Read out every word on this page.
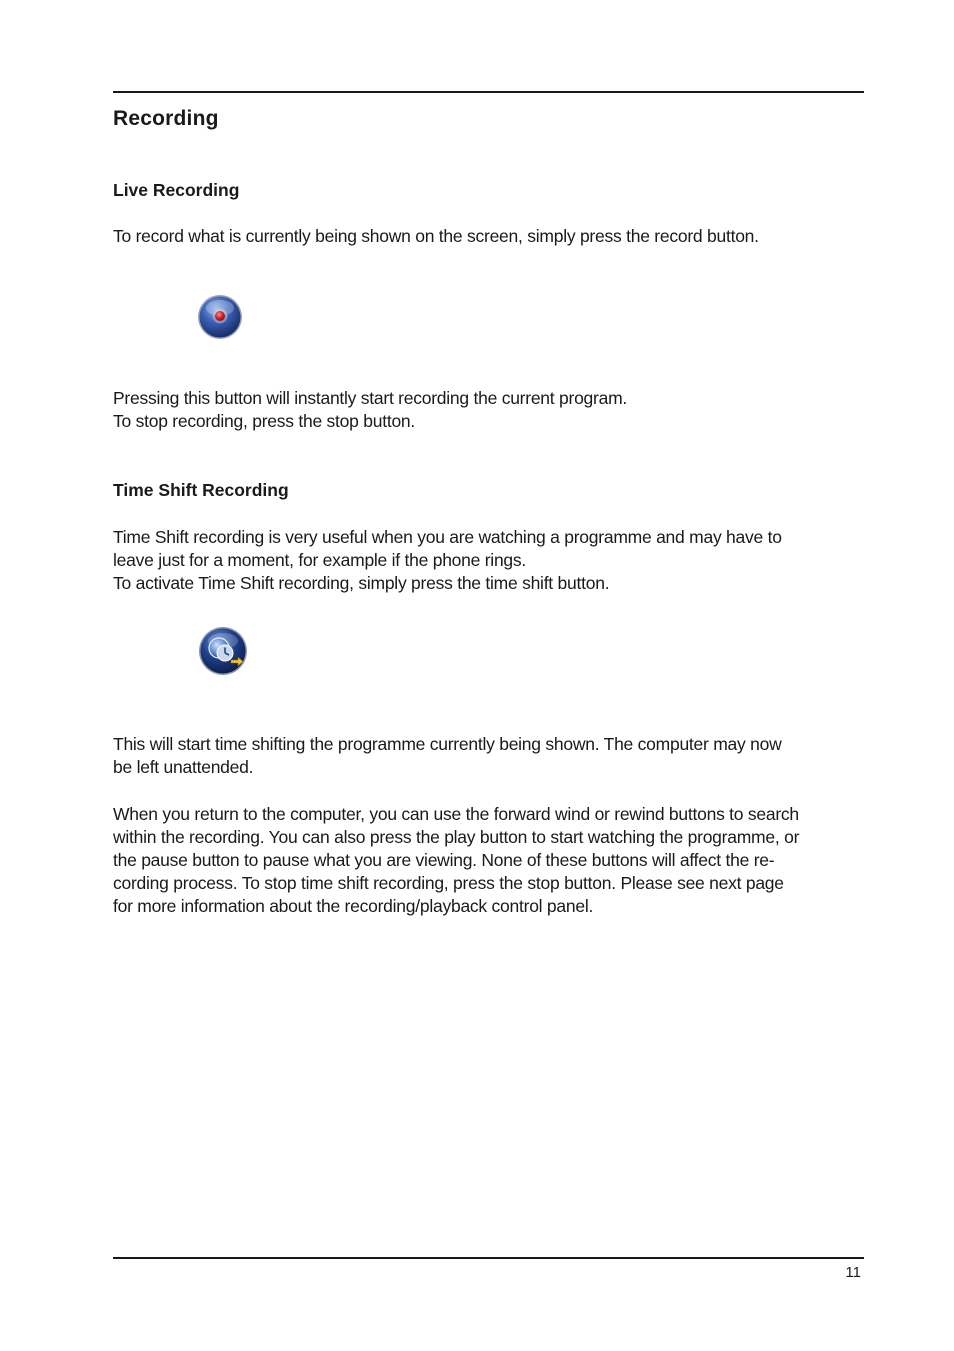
Recording
Live Recording

To record what is currently being shown on the screen, simply press the record button.

Pressing this button will instantly start recording the current program.
To stop recording, press the stop button.

Time Shift Recording

Time Shift recording is very useful when you are watching a programme and may have to
leave just for a moment, for example if the phone rings.
To activate Time Shift recording, simply press the time shift button.

This will start time shifting the programme currently being shown. The computer may now
be left unattended.

When you return to the computer, you can use the forward wind or rewind buttons to search
within the recording. You can also press the play button to start watching the programme, or
the pause button to pause what you are viewing. None of these buttons will affect the re-
cording process. To stop time shift recording, press the stop button. Please see next page
for more information about the recording/playback control panel.

11
